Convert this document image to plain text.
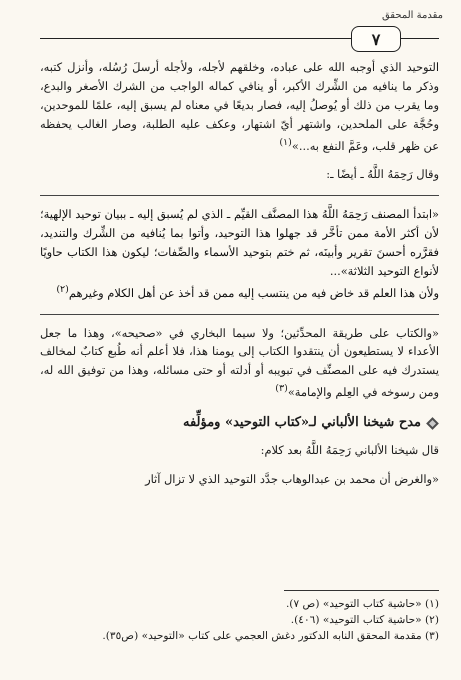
مقدمة المحقق
٧

التوحيد الذي أوجبه الله على عباده، وخلقهم لأجله، ولأجله أرسلَ رُسُله، وأنزل كتبه، وذكر ما ينافيه من الشِّرك الأكبر، أو ينافي كماله الواجب من الشرك الأصغر والبدع، وما يقرب من ذلك أو يُوصلُ إليه، فصار بديعًا في معناه لم يسبق إليه، علمًا للموحدين، وحُجَّة على الملحدين، واشتهر أيّ اشتهار، وعكف عليه الطلبة، وصار الغالب يحفظه عن ظهر قلب، وعَمَّ النفع به...»$^{(١)}$

وقال رَحِمَهُ اللَّهُ ـ أيضًا ـ:

«ابتدأ المصنف رَحِمَهُ اللَّهُ هذا المصنَّف القيِّم ـ الذي لم يُسبق إليه ـ ببيان توحيد الإلهية؛ لأن أكثر الأمة ممن تأخَّر قد جهلوا هذا التوحيد، وأتوا بما يُنافيه من الشِّرك والتنديد، فقرَّره أحسنَ تقرير وأبينَه، ثم ختم بتوحيد الأسماء والصِّفات؛ ليكون هذا الكتاب حاويًا لأنواع التوحيد الثلاثة»...
ولأن هذا العلم قد خاض فيه من ينتسب إليه ممن قد أخذ عن أهل الكلام وغيرهم$^{(٢)}$

«والكتاب على طريقة المحدِّثين؛ ولا سيما البخاري في «صحيحه»، وهذا ما جعل الأعداء لا يستطيعون أن ينتقدوا الكتاب إلى يومنا هذا، فلا أعلم أنه طُبع كتابٌ لمخالف يستدرك فيه على المصنِّف في تبويبه أو أدلته أو حتى مسائله، وهذا من توفيق الله له، ومن رسوخه في العِلم والإمامة»$^{(٣)}$

مدح شيخنا الألباني لـ«كتاب التوحيد» ومؤلِّفه

قال شيخنا الألباني رَحِمَهُ اللَّهُ بعد كلام:

«والغرض أن محمد بن عبدالوهاب جدَّد التوحيد الذي لا تزال آثار

(١) «حاشية كتاب التوحيد» (ص ٧).
(٢) «حاشية كتاب التوحيد» (٤٠٦).
(٣) مقدمة المحقق النابه الدكتور دغش العجمي على كتاب «التوحيد» (ص٣٥).
